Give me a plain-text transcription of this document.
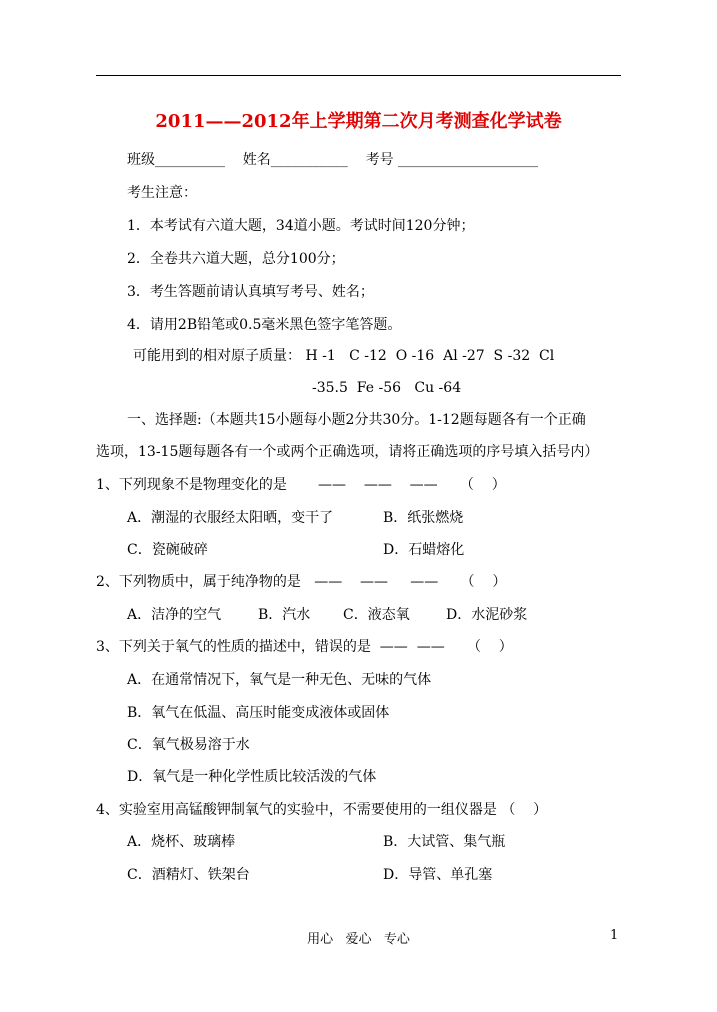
2011——2012年上学期第二次月考测查化学试卷
班级__________    姓名___________    考号 ____________________
考生注意：
1．本考试有六道大题，34道小题。考试时间120分钟；
2．全卷共六道大题，总分100分；
3．考生答题前请认真填写考号、姓名；
4．请用2B铅笔或0.5毫米黑色签字笔答题。
可能用到的相对原子质量： H -1   C -12  O -16  Al -27  S -32  Cl
-35.5  Fe -56   Cu -64
一、选择题:（本题共15小题每小题2分共30分。1-12题每题各有一个正确
选项，13-15题每题各有一个或两个正确选项，请将正确选项的序号填入括号内）
1、下列现象不是物理变化的是       ——    ——    ——     （    ）
A．潮湿的衣服经太阳晒，变干了	B．纸张燃烧
C．瓷碗破碎	D．石蜡熔化
2、下列物质中，属于纯净物的是   ——    ——     ——     （    ）
A．洁净的空气	B．汽水 C．液态氧	D．水泥砂浆
3、下列关于氧气的性质的描述中，错误的是  ——  ——     （    ）
A．在通常情况下，氧气是一种无色、无味的气体
B．氧气在低温、高压时能变成液体或固体
C．氧气极易溶于水
D．氧气是一种化学性质比较活泼的气体
4、实验室用高锰酸钾制氧气的实验中，不需要使用的一组仪器是 （    ）
A．烧杯、玻璃棒	B．大试管、集气瓶
C．酒精灯、铁架台	D．导管、单孔塞
用心   爱心   专心	1
